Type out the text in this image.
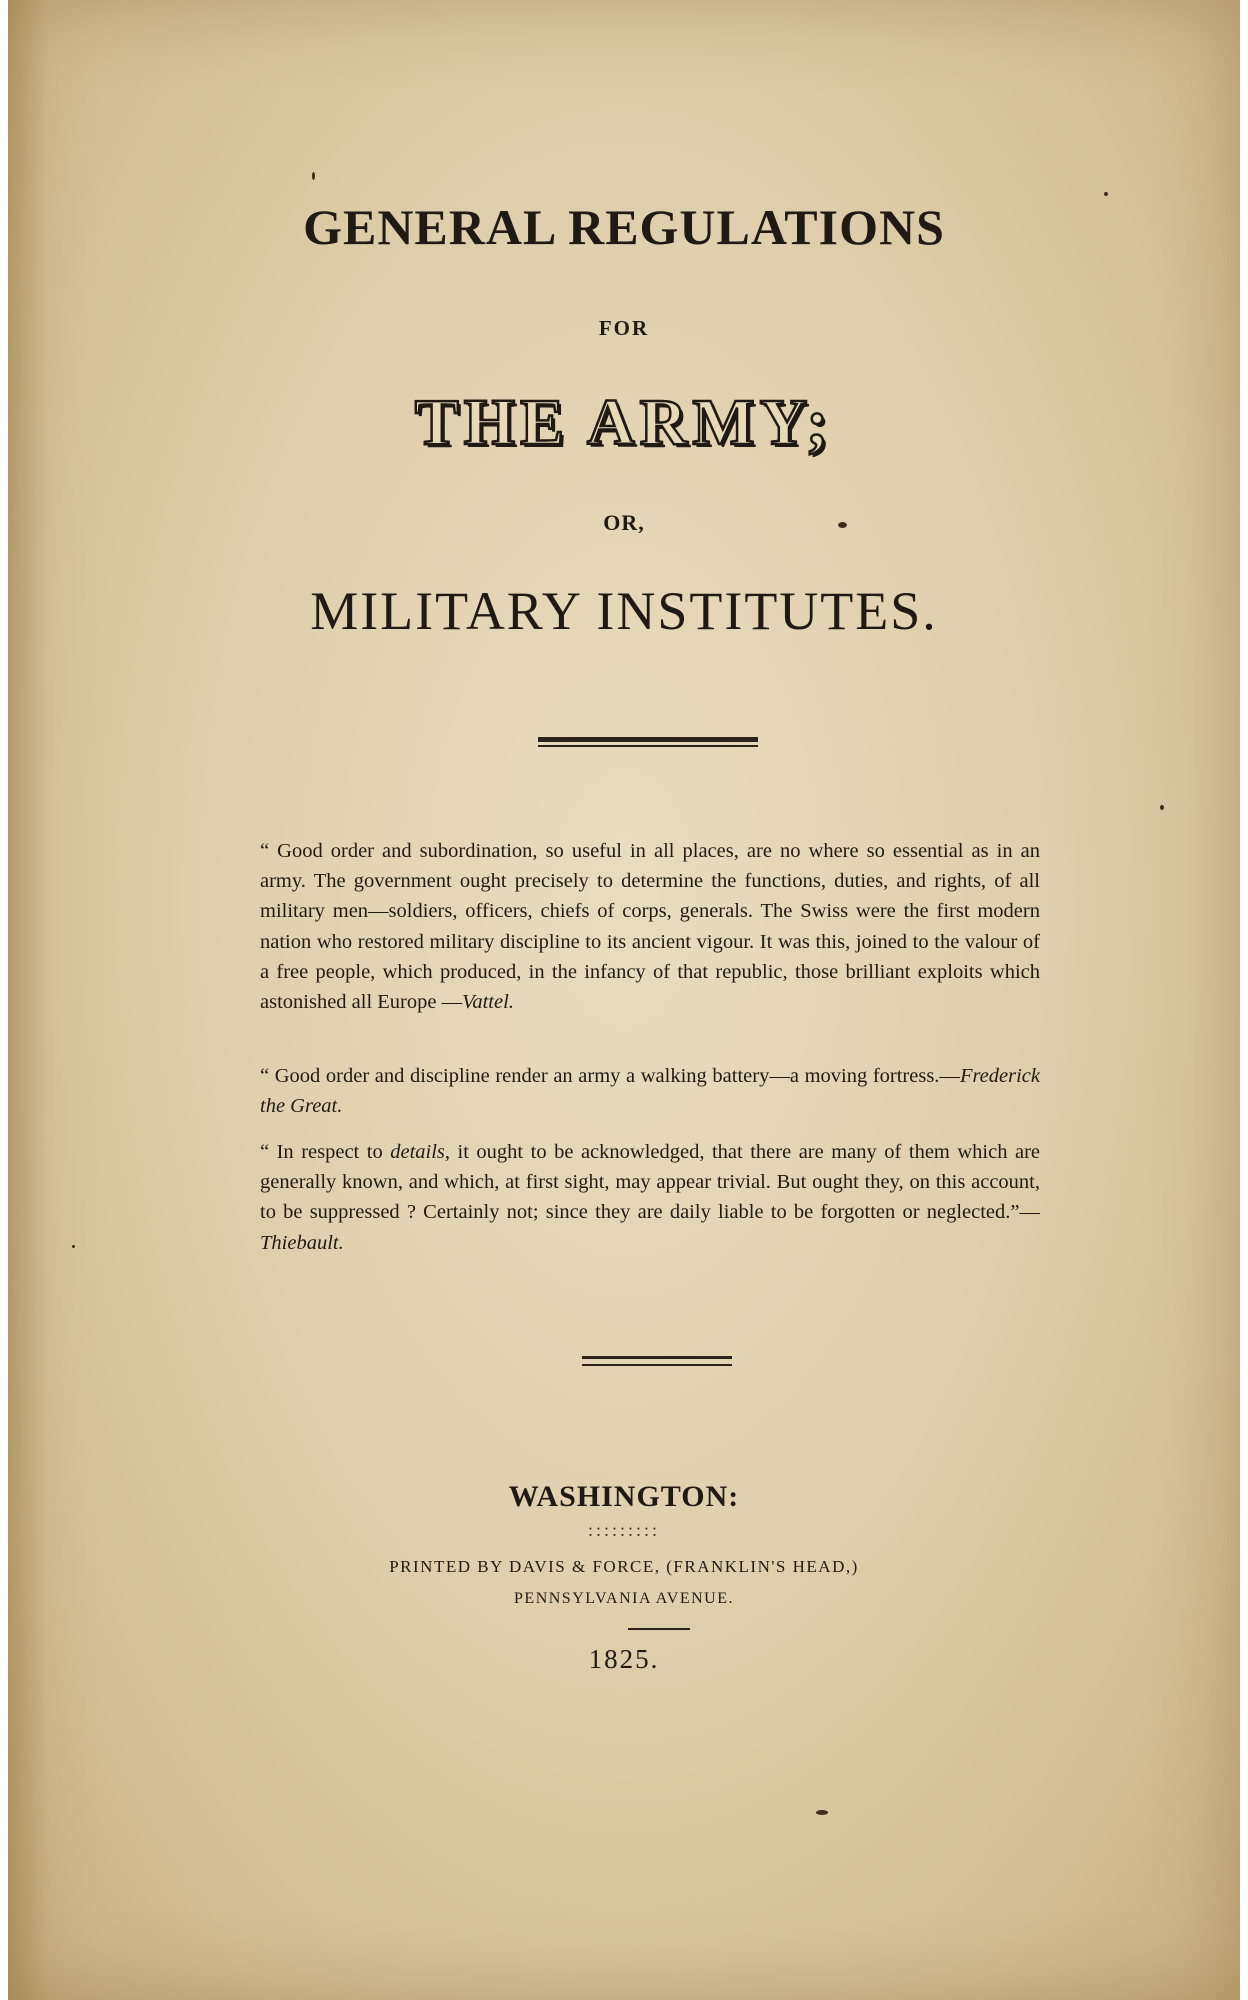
GENERAL REGULATIONS
FOR
THE ARMY;
OR,
MILITARY INSTITUTES.
“ Good order and subordination, so useful in all places, are no where so essential as in an army. The government ought precisely to determine the functions, duties, and rights, of all military men—soldiers, officers, chiefs of corps, generals. The Swiss were the first modern nation who restored military discipline to its ancient vigour. It was this, joined to the valour of a free people, which produced, in the infancy of that republic, those brilliant exploits which astonished all Europe —Vattel.
“ Good order and discipline render an army a walking battery—a moving fortress.—Frederick the Great.
“ In respect to details, it ought to be acknowledged, that there are many of them which are generally known, and which, at first sight, may appear trivial. But ought they, on this account, to be suppressed ? Certainly not; since they are daily liable to be forgotten or neglected.”—Thiebault.
WASHINGTON:
:::::::::
PRINTED BY DAVIS & FORCE, (FRANKLIN'S HEAD,)
PENNSYLVANIA AVENUE.
1825.
